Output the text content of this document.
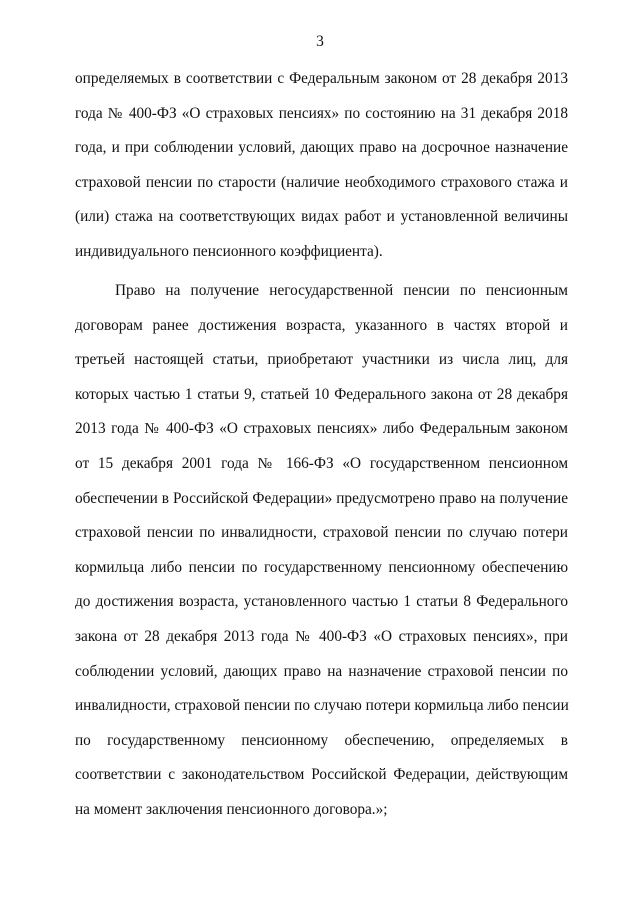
3
определяемых в соответствии с Федеральным законом от 28 декабря 2013
года № 400-ФЗ «О страховых пенсиях» по состоянию на 31 декабря 2018
года, и при соблюдении условий, дающих право на досрочное назначение
страховой пенсии по старости (наличие необходимого страхового стажа и
(или) стажа на соответствующих видах работ и установленной величины
индивидуального пенсионного коэффициента).
Право на получение негосударственной пенсии по пенсионным
договорам ранее достижения возраста, указанного в частях второй и
третьей настоящей статьи, приобретают участники из числа лиц, для
которых частью 1 статьи 9, статьей 10 Федерального закона от 28 декабря
2013 года № 400-ФЗ «О страховых пенсиях» либо Федеральным законом
от 15 декабря 2001 года № 166-ФЗ «О государственном пенсионном
обеспечении в Российской Федерации» предусмотрено право на получение
страховой пенсии по инвалидности, страховой пенсии по случаю потери
кормильца либо пенсии по государственному пенсионному обеспечению
до достижения возраста, установленного частью 1 статьи 8 Федерального
закона от 28 декабря 2013 года № 400-ФЗ «О страховых пенсиях», при
соблюдении условий, дающих право на назначение страховой пенсии по
инвалидности, страховой пенсии по случаю потери кормильца либо пенсии
по государственному пенсионному обеспечению, определяемых в
соответствии с законодательством Российской Федерации, действующим
на момент заключения пенсионного договора.»;
